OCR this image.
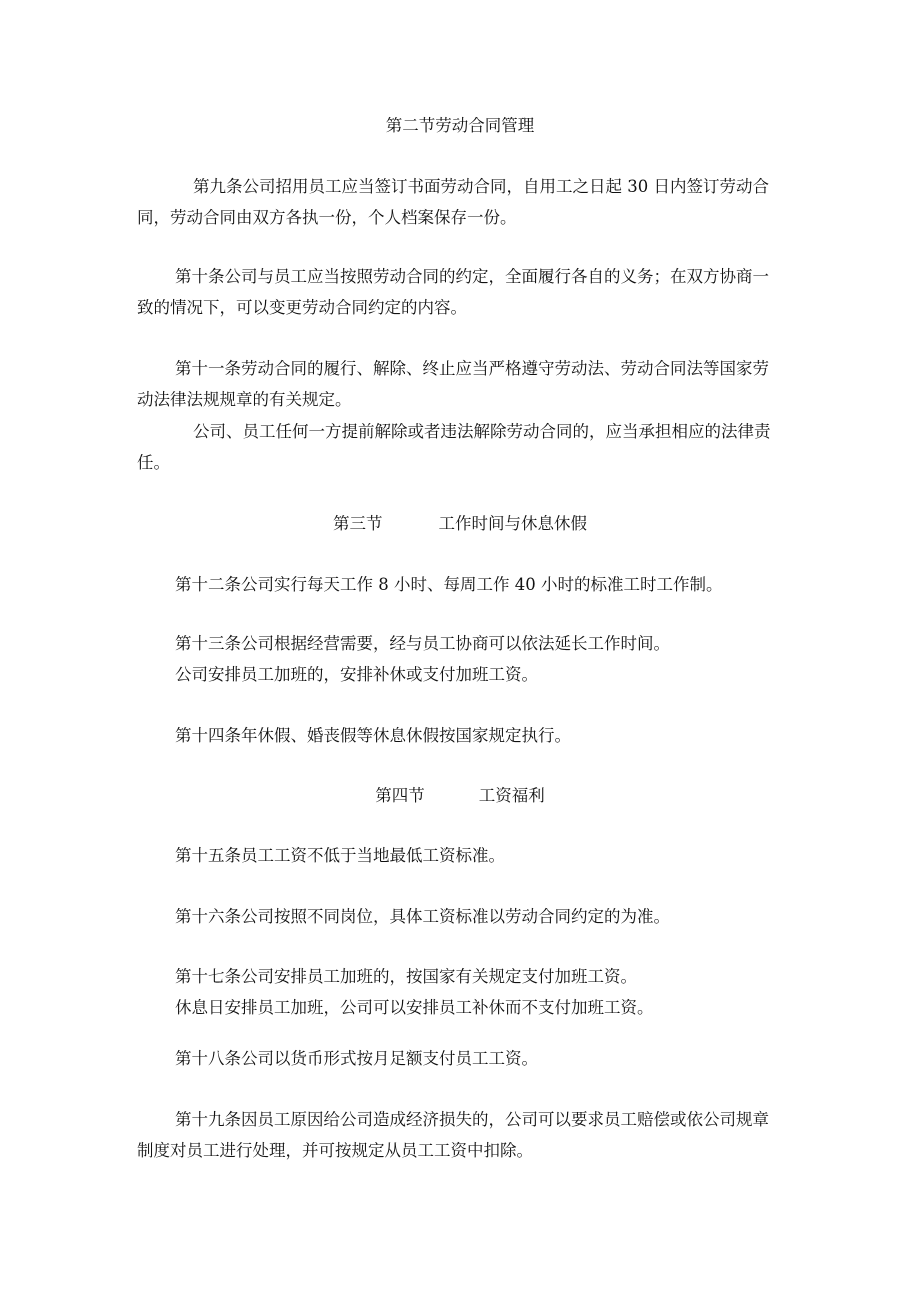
第二节劳动合同管理

第九条公司招用员工应当签订书面劳动合同，自用工之日起 30 日内签订劳动合

同，劳动合同由双方各执一份，个人档案保存一份。

第十条公司与员工应当按照劳动合同的约定，全面履行各自的义务；在双方协商一

致的情况下，可以变更劳动合同约定的内容。

第十一条劳动合同的履行、解除、终止应当严格遵守劳动法、劳动合同法等国家劳

动法律法规规章的有关规定。

公司、员工任何一方提前解除或者违法解除劳动合同的，应当承担相应的法律责

任。

第三节	工作时间与休息休假

第十二条公司实行每天工作 8 小时、每周工作 40 小时的标准工时工作制。

第十三条公司根据经营需要，经与员工协商可以依法延长工作时间。

公司安排员工加班的，安排补休或支付加班工资。

第十四条年休假、婚丧假等休息休假按国家规定执行。

第四节	工资福利

第十五条员工工资不低于当地最低工资标准。

第十六条公司按照不同岗位，具体工资标准以劳动合同约定的为准。

第十七条公司安排员工加班的，按国家有关规定支付加班工资。

休息日安排员工加班，公司可以安排员工补休而不支付加班工资。

第十八条公司以货币形式按月足额支付员工工资。

第十九条因员工原因给公司造成经济损失的，公司可以要求员工赔偿或依公司规章

制度对员工进行处理，并可按规定从员工工资中扣除。
